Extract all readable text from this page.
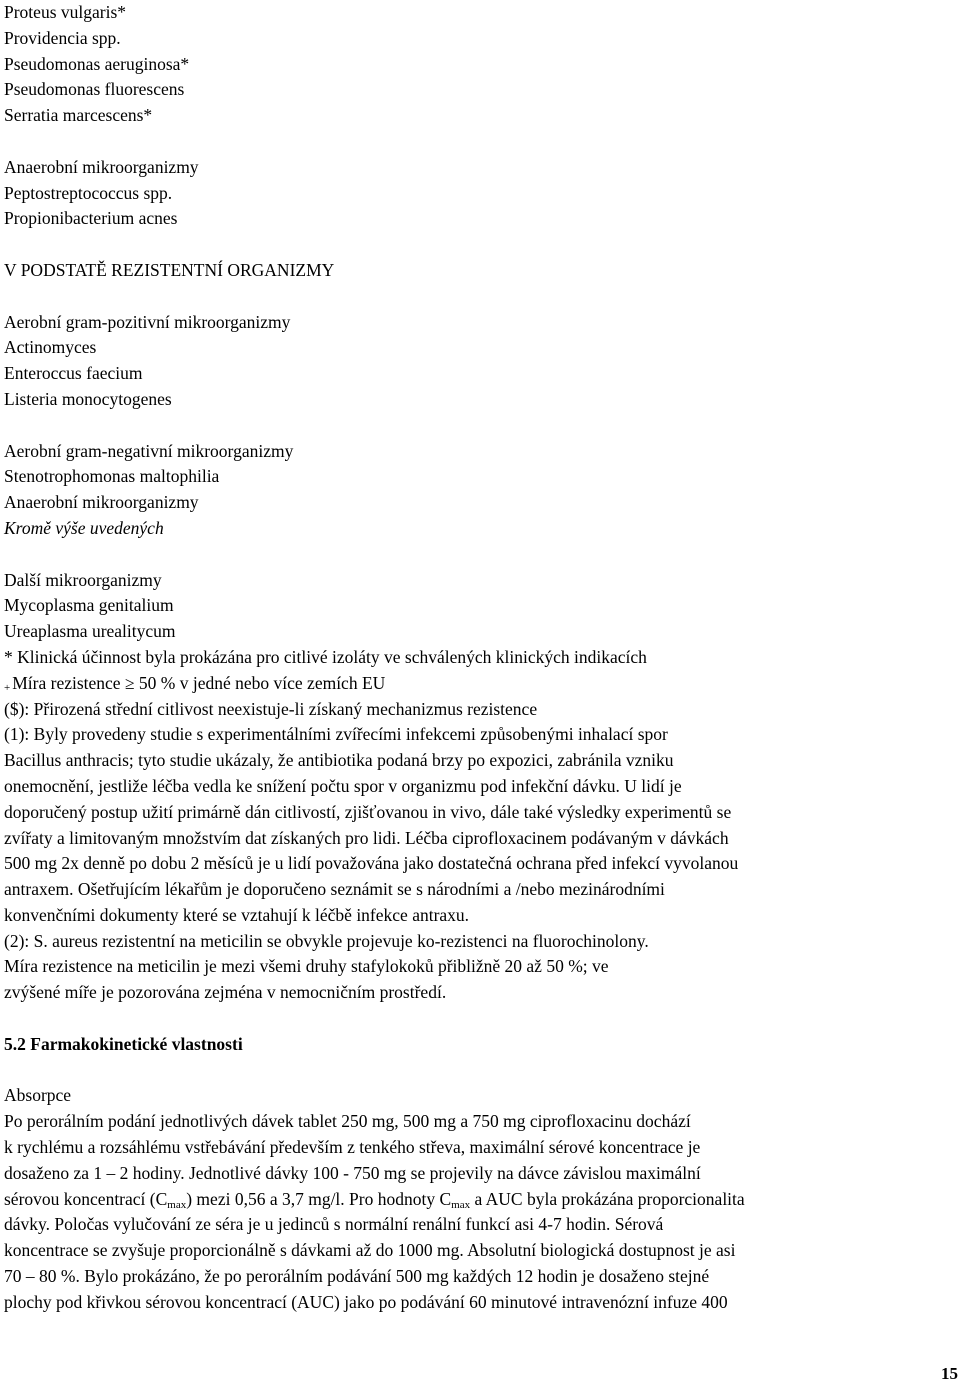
Proteus vulgaris*
Providencia spp.
Pseudomonas aeruginosa*
Pseudomonas fluorescens
Serratia marcescens*
Anaerobní mikroorganizmy
Peptostreptococcus spp.
Propionibacterium acnes
V PODSTATĚ REZISTENTNÍ ORGANIZMY
Aerobní gram-pozitivní mikroorganizmy
Actinomyces
Enteroccus faecium
Listeria monocytogenes
Aerobní gram-negativní mikroorganizmy
Stenotrophomonas maltophilia
Anaerobní mikroorganizmy
Kromě výše uvedených
Další mikroorganizmy
Mycoplasma genitalium
Ureaplasma urealitycum
* Klinická účinnost byla prokázána pro citlivé izoláty ve schválených klinických indikacích
+ Míra rezistence ≥ 50 % v jedné nebo více zemích EU
($): Přirozená střední citlivost neexistuje-li získaný mechanizmus rezistence
(1): Byly provedeny studie s experimentálními zvířecími infekcemi způsobenými inhalací spor
Bacillus anthracis; tyto studie ukázaly, že antibiotika podaná brzy po expozici, zabránila vzniku
onemocnění, jestliže léčba vedla ke snížení počtu spor v organizmu pod infekční dávku. U lidí je
doporučený postup užití primárně dán citlivostí, zjišťovanou in vivo, dále také výsledky experimentů se
zvířaty a limitovaným množstvím dat získaných pro lidi. Léčba ciprofloxacinem podávaným v dávkách
500 mg 2x denně po dobu 2 měsíců je u lidí považována jako dostatečná ochrana před infekcí vyvolanou
antraxem. Ošetřujícím lékařům je doporučeno seznámit se s národními a /nebo mezinárodními
konvenčními dokumenty které se vztahují k léčbě infekce antraxu.
(2): S. aureus rezistentní na meticilin se obvykle projevuje ko-rezistenci na fluorochinolony.
Míra rezistence na meticilin je mezi všemi druhy stafylokoků přibližně 20 až 50 %; ve
zvýšené míře je pozorována zejména v nemocničním prostředí.
5.2 Farmakokinetické vlastnosti
Absorpce
Po perorálním podání jednotlivých dávek tablet 250 mg, 500 mg a 750 mg ciprofloxacinu dochází
k rychlému a rozsáhlému vstřebávání především z tenkého střeva, maximální sérové koncentrace je
dosaženo za 1 – 2 hodiny. Jednotlivé dávky 100 - 750 mg se projevily na dávce závislou maximální
sérovou koncentrací $(C_{max})$ mezi 0,56 a 3,7 mg/l. Pro hodnoty $C_{max}$ a AUC byla prokázána proporcionalita
dávky. Poločas vylučování ze séra je u jedinců s normální renální funkcí asi 4-7 hodin. Sérová
koncentrace se zvyšuje proporcionálně s dávkami až do 1000 mg. Absolutní biologická dostupnost je asi
70 – 80 %. Bylo prokázáno, že po perorálním podávání 500 mg každých 12 hodin je dosaženo stejné
plochy pod křivkou sérovou koncentrací (AUC) jako po podávání 60 minutové intravenózní infuze 400
15
